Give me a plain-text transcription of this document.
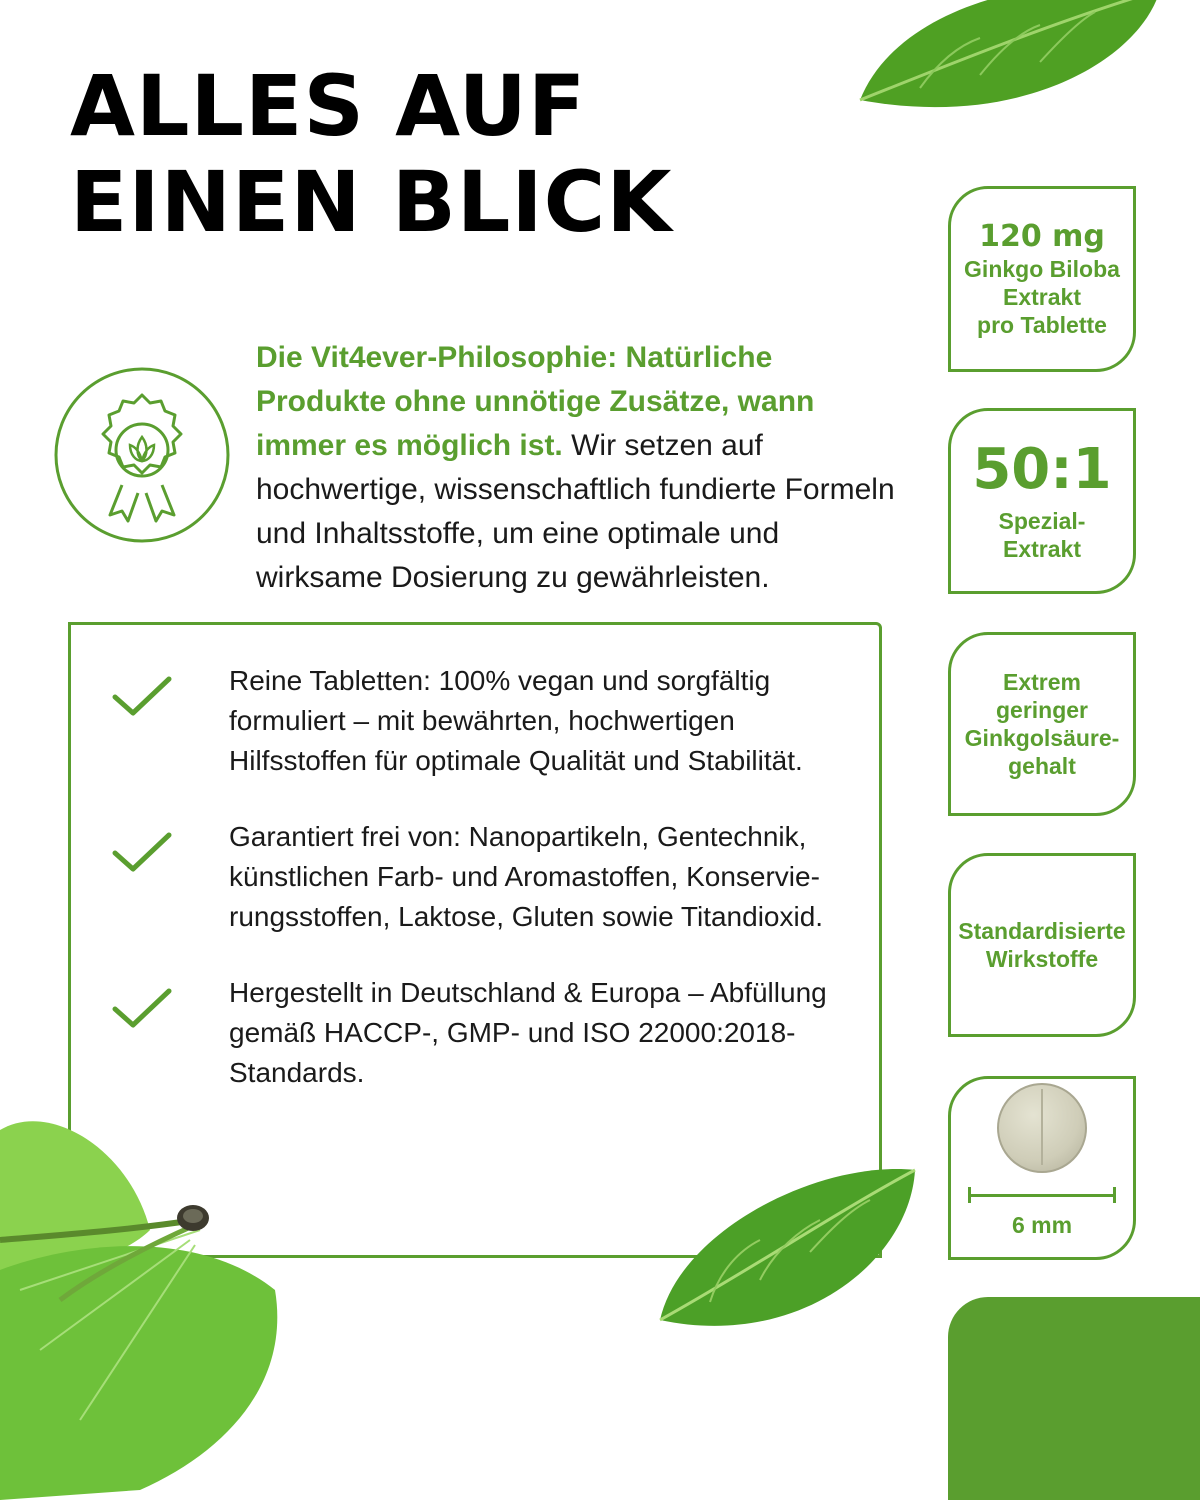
ALLES AUF
EINEN BLICK
Die Vit4ever-Philosophie: Natürliche Produkte ohne unnötige Zusätze, wann immer es möglich ist. Wir setzen auf hochwertige, wissenschaftlich fundierte Formeln und Inhaltsstoffe, um eine optimale und wirksame Dosierung zu gewährleisten.

Reine Tabletten: 100% vegan und sorgfältig formuliert – mit bewährten, hochwertigen Hilfsstoffen für optimale Qualität und Stabilität.

Garantiert frei von: Nanopartikeln, Gentechnik, künstlichen Farb- und Aromastoffen, Konservie-rungsstoffen, Laktose, Gluten sowie Titandioxid.

Hergestellt in Deutschland & Europa – Abfüllung gemäß HACCP-, GMP- und ISO 22000:2018-Standards.

120 mg
Ginkgo Biloba
Extrakt
pro Tablette
50:1
Spezial-
Extrakt
Extrem
geringer
Ginkgolsäure-
gehalt
Standardisierte
Wirkstoffe
6 mm
